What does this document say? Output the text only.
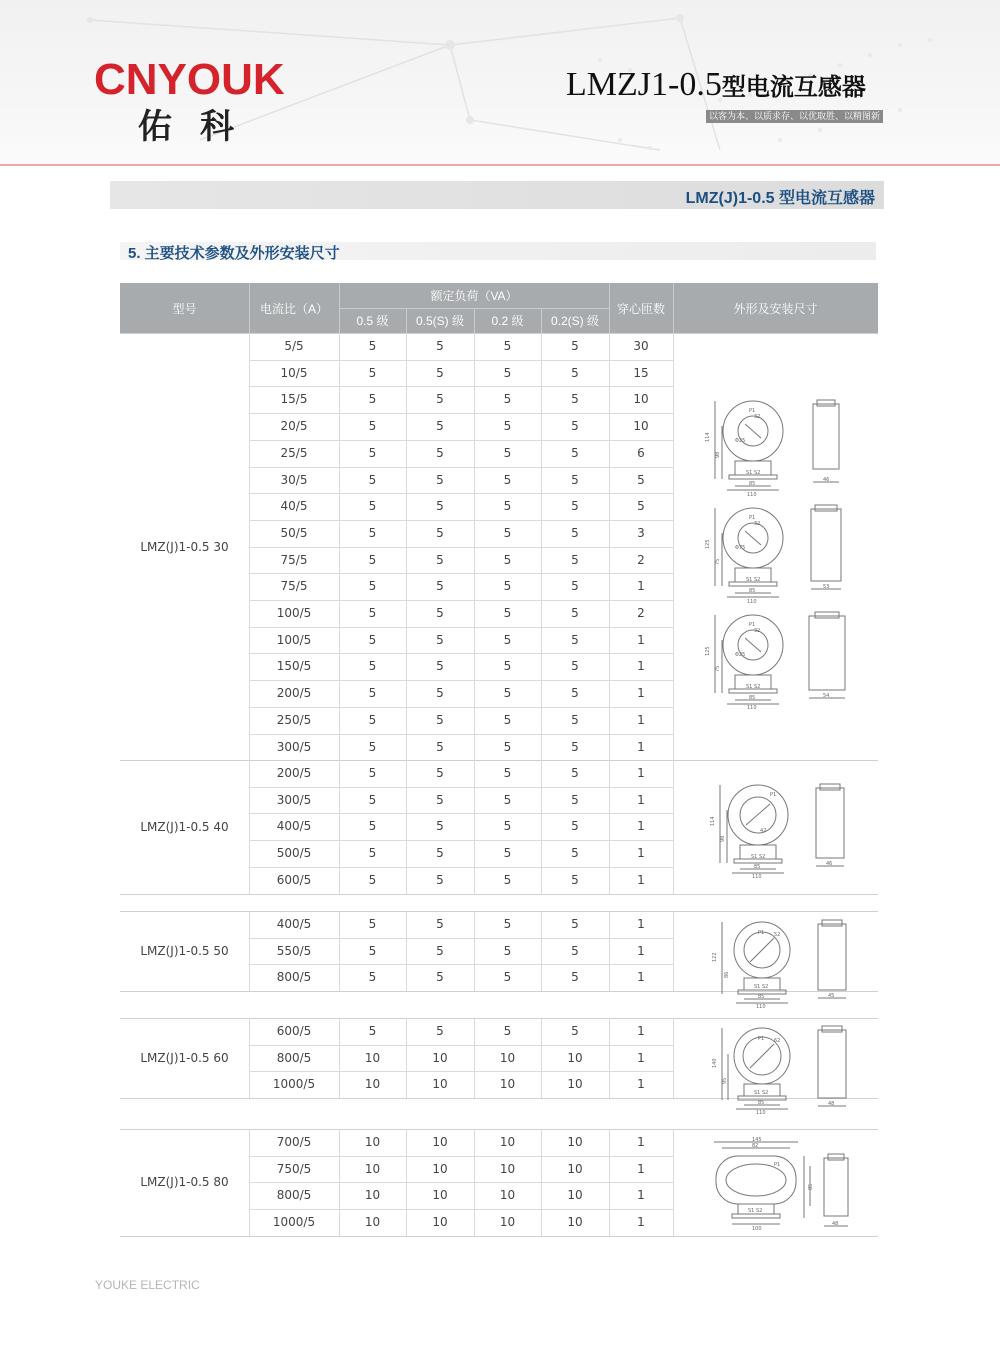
CNYOUK
佑科
LMZJ1-0.5型电流互感器
以客为本、以质求存、以优取胜、以精图新
LMZ(J)1-0.5 型电流互感器
5. 主要技术参数及外形安装尺寸
型号	电流比（A）
额定负荷（VA）
0.5 级	0.5(S) 级	0.2 级	0.2(S) 级
穿心匝数	外形及安装尺寸
LMZ(J)1-0.5 30
5/5	5	5	5	5	30
10/5	5	5	5	5	15
15/5	5	5	5	5	10
20/5	5	5	5	5	10
25/5	5	5	5	5	6
30/5	5	5	5	5	5
40/5	5	5	5	5	5
50/5	5	5	5	5	3
75/5	5	5	5	5	2
75/5	5	5	5	5	1
100/5	5	5	5	5	2
100/5	5	5	5	5	1
150/5	5	5	5	5	1
200/5	5	5	5	5	1
250/5	5	5	5	5	1
300/5	5	5	5	5	1
LMZ(J)1-0.5 40
200/5	5	5	5	5	1
300/5	5	5	5	5	1
400/5	5	5	5	5	1
500/5	5	5	5	5	1
600/5	5	5	5	5	1
LMZ(J)1-0.5 50
400/5	5	5	5	5	1
550/5	5	5	5	5	1
800/5	5	5	5	5	1
LMZ(J)1-0.5 60
600/5	5	5	5	5	1
800/5	10	10	10	10	1
1000/5	10	10	10	10	1
LMZ(J)1-0.5 80
700/5	10	10	10	10	1
750/5	10	10	10	10	1
800/5	10	10	10	10	1
1000/5	10	10	10	10	1
114
98
85
110
46
32
P1
Φ25
S1 S2
125
75
85
110
53
32
P1
Φ75
S1 S2
125
75
85
110
54
32
P1
Φ25
S1 S2
114
98
85
110
46
42
P1
S1 S2
122
86
85
110
45
52
P1
S1 S2
140
95
85
110
48
62
P1
S1 S2
145
82
100
85
48
P1
S1 S2
YOUKE ELECTRIC
